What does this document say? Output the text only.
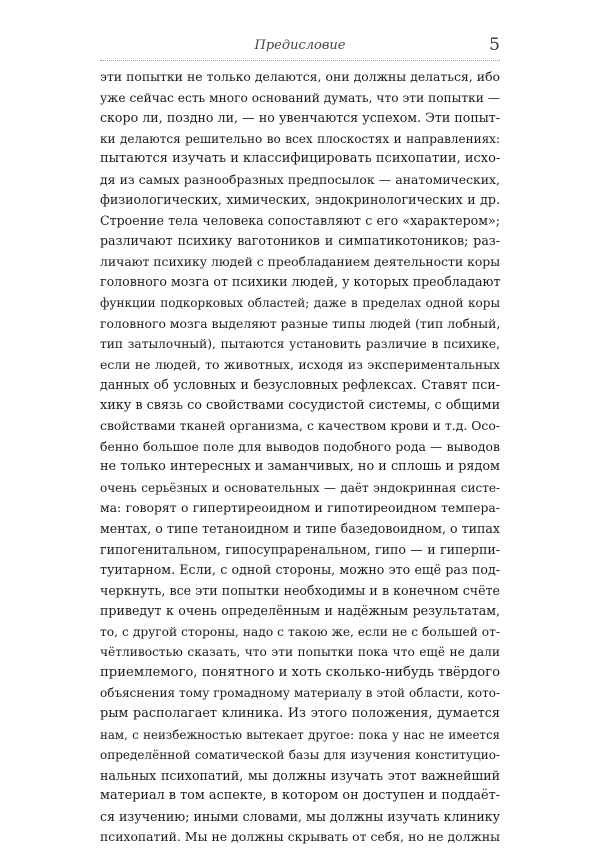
Предисловие	5
эти попытки не только делаются, они должны делаться, ибо
уже сейчас есть много оснований думать, что эти попытки —
скоро ли, поздно ли, — но увенчаются успехом. Эти попыт-
ки делаются решительно во всех плоскостях и направлениях:
пытаются изучать и классифицировать психопатии, исхо-
дя из самых разнообразных предпосылок — анатомических,
физиологических, химических, эндокринологических и др.
Строение тела человека сопоставляют с его «характером»;
различают психику ваготоников и симпатикотоников; раз-
личают психику людей с преобладанием деятельности коры
головного мозга от психики людей, у которых преобладают
функции подкорковых областей; даже в пределах одной коры
головного мозга выделяют разные типы людей (тип лобный,
тип затылочный), пытаются установить различие в психике,
если не людей, то животных, исходя из экспериментальных
данных об условных и безусловных рефлексах. Ставят пси-
хику в связь со свойствами сосудистой системы, с общими
свойствами тканей организма, с качеством крови и т.д. Осо-
бенно большое поле для выводов подобного рода — выводов
не только интересных и заманчивых, но и сплошь и рядом
очень серьёзных и основательных — даёт эндокринная систе-
ма: говорят о гипертиреоидном и гипотиреоидном темпера-
ментах, о типе тетаноидном и типе базедовоидном, о типах
гипогенитальном, гипосупраренальном, гипо — и гиперпи-
туитарном. Если, с одной стороны, можно это ещё раз под-
черкнуть, все эти попытки необходимы и в конечном счёте
приведут к очень определённым и надёжным результатам,
то, с другой стороны, надо с такою же, если не с большей от-
чётливостью сказать, что эти попытки пока что ещё не дали
приемлемого, понятного и хоть сколько-нибудь твёрдого
объяснения тому громадному материалу в этой области, кото-
рым располагает клиника. Из этого положения, думается
нам, с неизбежностью вытекает другое: пока у нас не имеется
определённой соматической базы для изучения конституцио-
нальных психопатий, мы должны изучать этот важнейший
материал в том аспекте, в котором он доступен и поддаёт-
ся изучению; иными словами, мы должны изучать клинику
психопатий. Мы не должны скрывать от себя, но не должны
